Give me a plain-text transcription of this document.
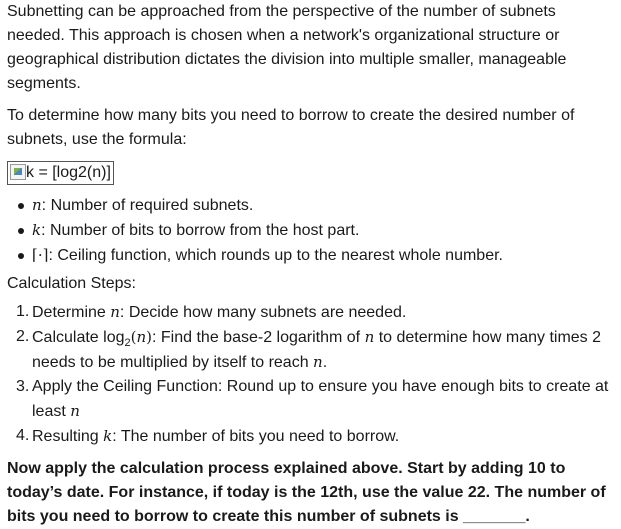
Subnetting can be approached from the perspective of the number of subnets needed. This approach is chosen when a network's organizational structure or geographical distribution dictates the division into multiple smaller, manageable segments.

To determine how many bits you need to borrow to create the desired number of subnets, use the formula:

k = [log2(n)]
n: Number of required subnets.
k: Number of bits to borrow from the host part.
⌈·⌉: Ceiling function, which rounds up to the nearest whole number.

Calculation Steps:

1. Determine n: Decide how many subnets are needed.
2. Calculate $\log_2(n)$: Find the base-2 logarithm of n to determine how many times 2 needs to be multiplied by itself to reach n.
3. Apply the Ceiling Function: Round up to ensure you have enough bits to create at least n
4. Resulting k: The number of bits you need to borrow.

Now apply the calculation process explained above. Start by adding 10 to today’s date. For instance, if today is the 12th, use the value 22. The number of bits you need to borrow to create this number of subnets is _______.
